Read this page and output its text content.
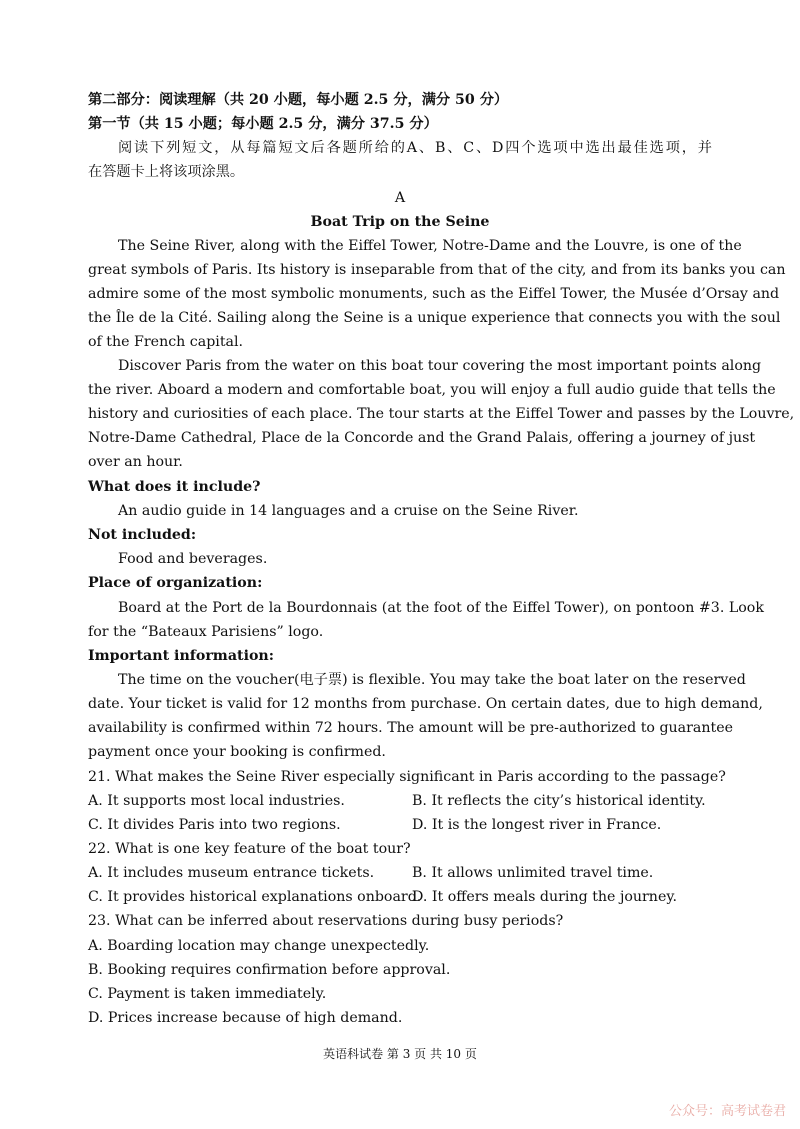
第二部分：阅读理解（共 20 小题，每小题 2.5 分，满分 50 分）
第一节（共 15 小题；每小题 2.5 分，满分 37.5 分）
阅读下列短文，从每篇短文后各题所给的A、B、C、D四个选项中选出最佳选项，并
在答题卡上将该项涂黑。
A
Boat Trip on the Seine
The Seine River, along with the Eiffel Tower, Notre-Dame and the Louvre, is one of the
great symbols of Paris. Its history is inseparable from that of the city, and from its banks you can
admire some of the most symbolic monuments, such as the Eiffel Tower, the Musée d’Orsay and
the Île de la Cité. Sailing along the Seine is a unique experience that connects you with the soul
of the French capital.
Discover Paris from the water on this boat tour covering the most important points along
the river. Aboard a modern and comfortable boat, you will enjoy a full audio guide that tells the
history and curiosities of each place. The tour starts at the Eiffel Tower and passes by the Louvre,
Notre-Dame Cathedral, Place de la Concorde and the Grand Palais, offering a journey of just
over an hour.
What does it include?
An audio guide in 14 languages and a cruise on the Seine River.
Not included:
Food and beverages.
Place of organization:
Board at the Port de la Bourdonnais (at the foot of the Eiffel Tower), on pontoon #3. Look
for the “Bateaux Parisiens” logo.
Important information:
The time on the voucher(电子票) is flexible. You may take the boat later on the reserved
date. Your ticket is valid for 12 months from purchase. On certain dates, due to high demand,
availability is confirmed within 72 hours. The amount will be pre-authorized to guarantee
payment once your booking is confirmed.
21. What makes the Seine River especially significant in Paris according to the passage?
A. It supports most local industries.	B. It reflects the city’s historical identity.
C. It divides Paris into two regions.	D. It is the longest river in France.
22. What is one key feature of the boat tour?
A. It includes museum entrance tickets.	B. It allows unlimited travel time.
C. It provides historical explanations onboard.
D. It offers meals during the journey.
23. What can be inferred about reservations during busy periods?
A. Boarding location may change unexpectedly.
B. Booking requires confirmation before approval.
C. Payment is taken immediately.
D. Prices increase because of high demand.
英语科试卷 第 3 页 共 10 页
公众号：高考试卷君
